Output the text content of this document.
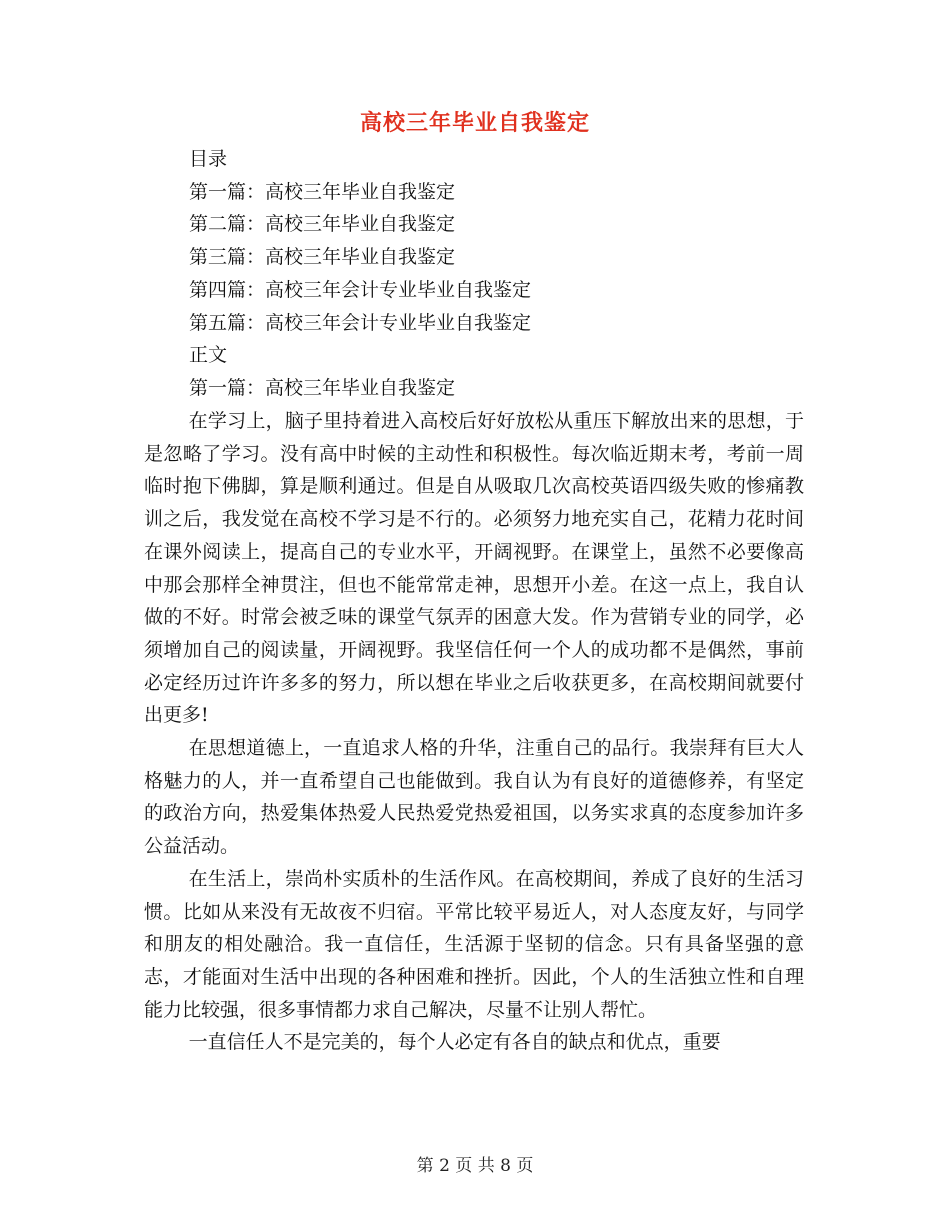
高校三年毕业自我鉴定
目录
第一篇：高校三年毕业自我鉴定
第二篇：高校三年毕业自我鉴定
第三篇：高校三年毕业自我鉴定
第四篇：高校三年会计专业毕业自我鉴定
第五篇：高校三年会计专业毕业自我鉴定
正文
第一篇：高校三年毕业自我鉴定

在学习上，脑子里持着进入高校后好好放松从重压下解放出来的思想，于是忽略了学习。没有高中时候的主动性和积极性。每次临近期末考，考前一周临时抱下佛脚，算是顺利通过。但是自从吸取几次高校英语四级失败的惨痛教训之后，我发觉在高校不学习是不行的。必须努力地充实自己，花精力花时间在课外阅读上，提高自己的专业水平，开阔视野。在课堂上，虽然不必要像高中那会那样全神贯注，但也不能常常走神，思想开小差。在这一点上，我自认做的不好。时常会被乏味的课堂气氛弄的困意大发。作为营销专业的同学，必须增加自己的阅读量，开阔视野。我坚信任何一个人的成功都不是偶然，事前必定经历过许许多多的努力，所以想在毕业之后收获更多，在高校期间就要付出更多!

在思想道德上，一直追求人格的升华，注重自己的品行。我崇拜有巨大人格魅力的人，并一直希望自己也能做到。我自认为有良好的道德修养，有坚定的政治方向，热爱集体热爱人民热爱党热爱祖国，以务实求真的态度参加许多公益活动。

在生活上，崇尚朴实质朴的生活作风。在高校期间，养成了良好的生活习惯。比如从来没有无故夜不归宿。平常比较平易近人，对人态度友好，与同学和朋友的相处融洽。我一直信任，生活源于坚韧的信念。只有具备坚强的意志，才能面对生活中出现的各种困难和挫折。因此，个人的生活独立性和自理能力比较强，很多事情都力求自己解决，尽量不让别人帮忙。

一直信任人不是完美的，每个人必定有各自的缺点和优点，重要

第 2 页 共 8 页
